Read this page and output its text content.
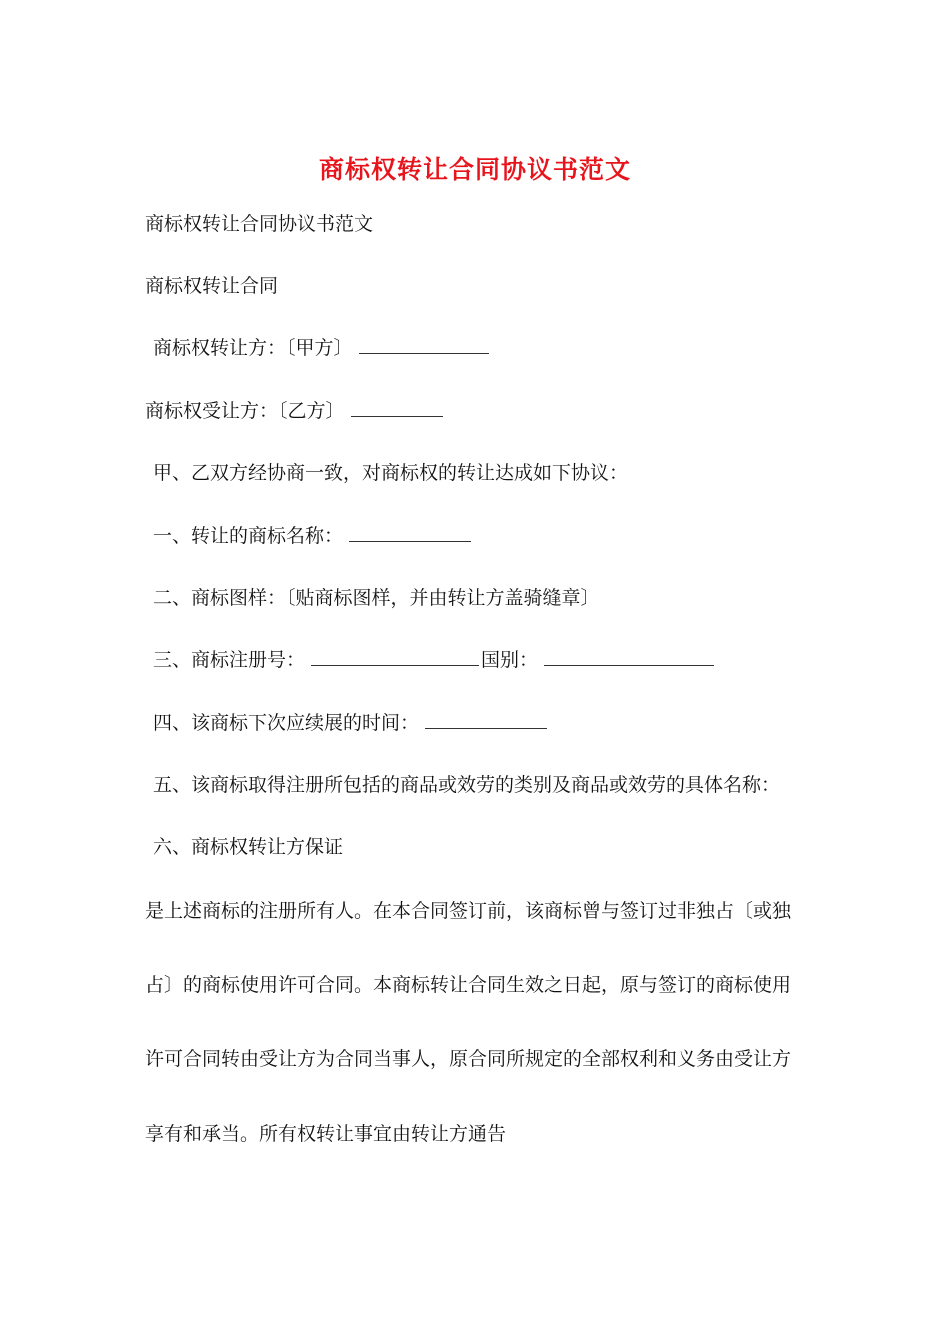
商标权转让合同协议书范文
商标权转让合同协议书范文
商标权转让合同
商标权转让方：〔甲方〕
商标权受让方：〔乙方〕
甲、乙双方经协商一致，对商标权的转让达成如下协议：
一、转让的商标名称：
二、商标图样：〔贴商标图样，并由转让方盖骑缝章〕
三、商标注册号：	国别：
四、该商标下次应续展的时间：
五、该商标取得注册所包括的商品或效劳的类别及商品或效劳的具体名称：
六、商标权转让方保证
是上述商标的注册所有人。在本合同签订前，该商标曾与签订过非独占〔或独
占〕的商标使用许可合同。本商标转让合同生效之日起，原与签订的商标使用
许可合同转由受让方为合同当事人，原合同所规定的全部权利和义务由受让方
享有和承当。所有权转让事宜由转让方通告
